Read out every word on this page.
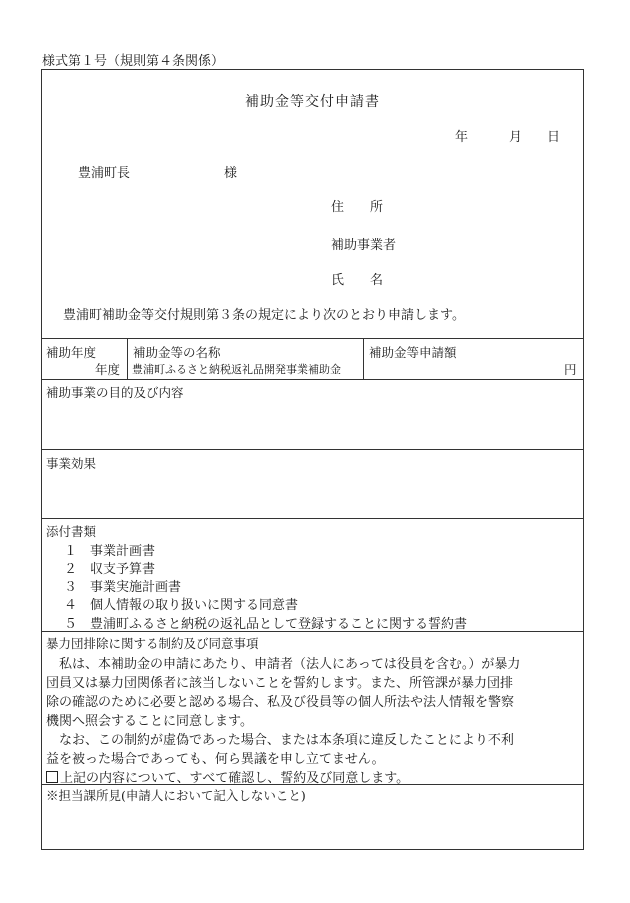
様式第１号（規則第４条関係）
補助金等交付申請書
年	月 日
豊浦町長	様
住　　所
補助事業者
氏　　名
豊浦町補助金等交付規則第３条の規定により次のとおり申請します。
補助年度
年度
補助金等の名称
豊浦町ふるさと納税返礼品開発事業補助金
補助金等申請額
円
補助事業の目的及び内容
事業効果
添付書類
１　事業計画書
２　収支予算書
３　事業実施計画書
４　個人情報の取り扱いに関する同意書
５　豊浦町ふるさと納税の返礼品として登録することに関する誓約書
暴力団排除に関する制約及び同意事項
　私は、本補助金の申請にあたり、申請者（法人にあっては役員を含む。）が暴力
団員又は暴力団関係者に該当しないことを誓約します。また、所管課が暴力団排
除の確認のために必要と認める場合、私及び役員等の個人所法や法人情報を警察
機関へ照会することに同意します。
　なお、この制約が虚偽であった場合、または本条項に違反したことにより不利
益を被った場合であっても、何ら異議を申し立てません。
上記の内容について、すべて確認し、誓約及び同意します。
※担当課所見(申請人において記入しないこと)
